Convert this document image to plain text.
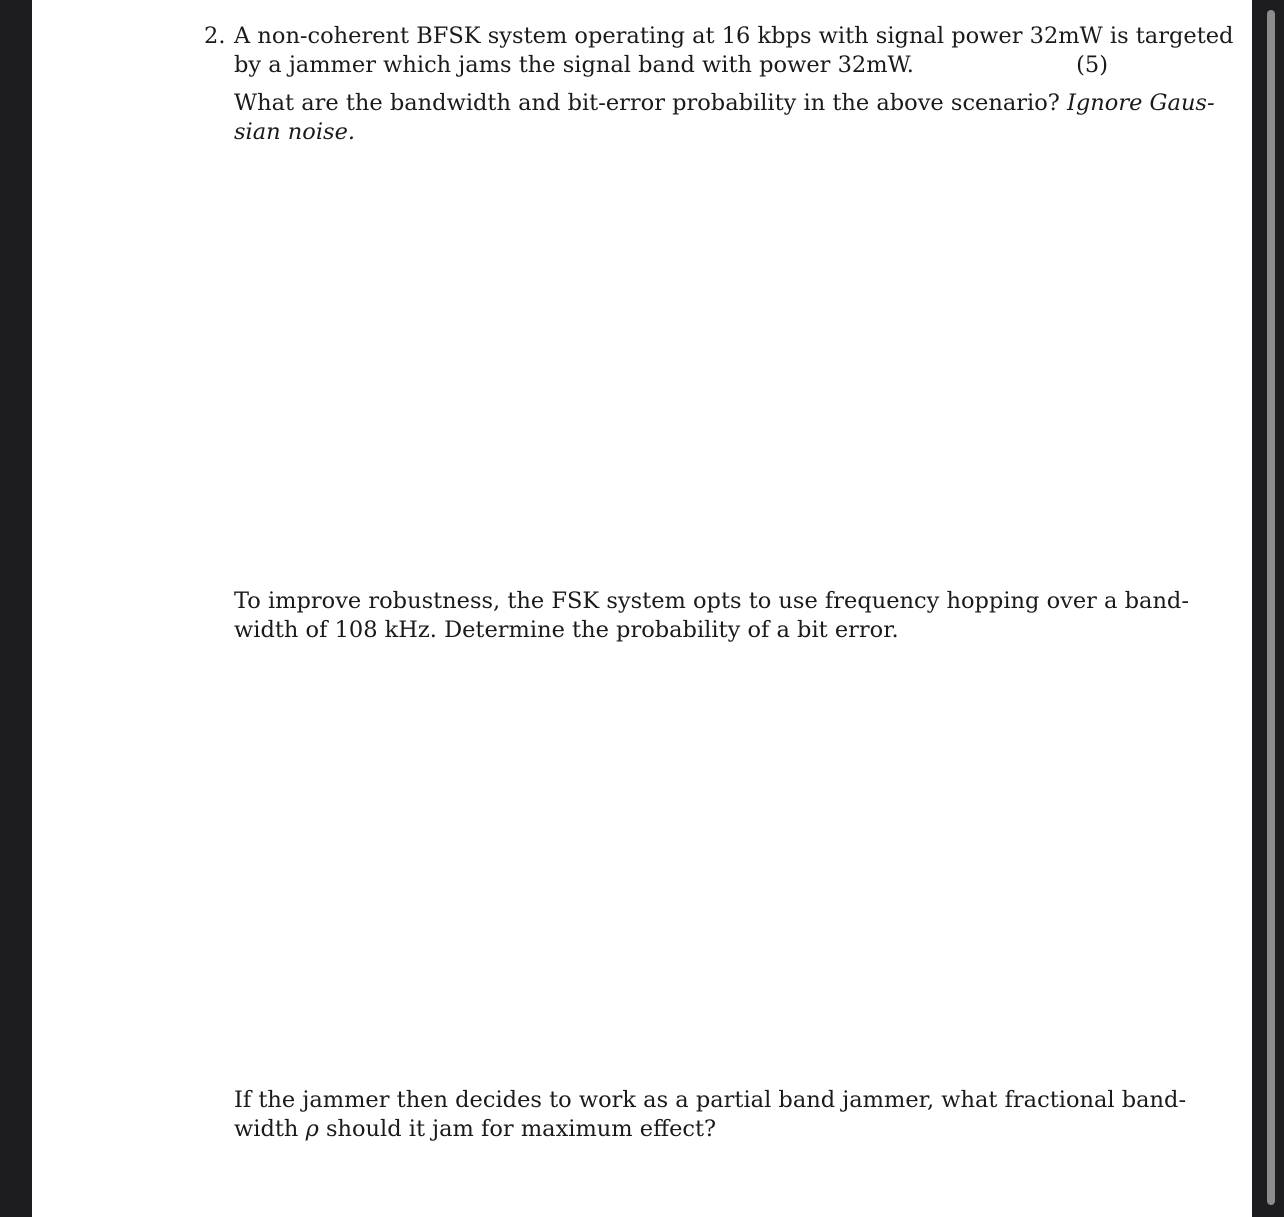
2. A non-coherent BFSK system operating at 16 kbps with signal power 32mW is targeted
by a jammer which jams the signal band with power 32mW.	(5)
What are the bandwidth and bit-error probability in the above scenario? Ignore Gaus-
sian noise.
To improve robustness, the FSK system opts to use frequency hopping over a band-
width of 108 kHz. Determine the probability of a bit error.
If the jammer then decides to work as a partial band jammer, what fractional band-
width ρ should it jam for maximum effect?
